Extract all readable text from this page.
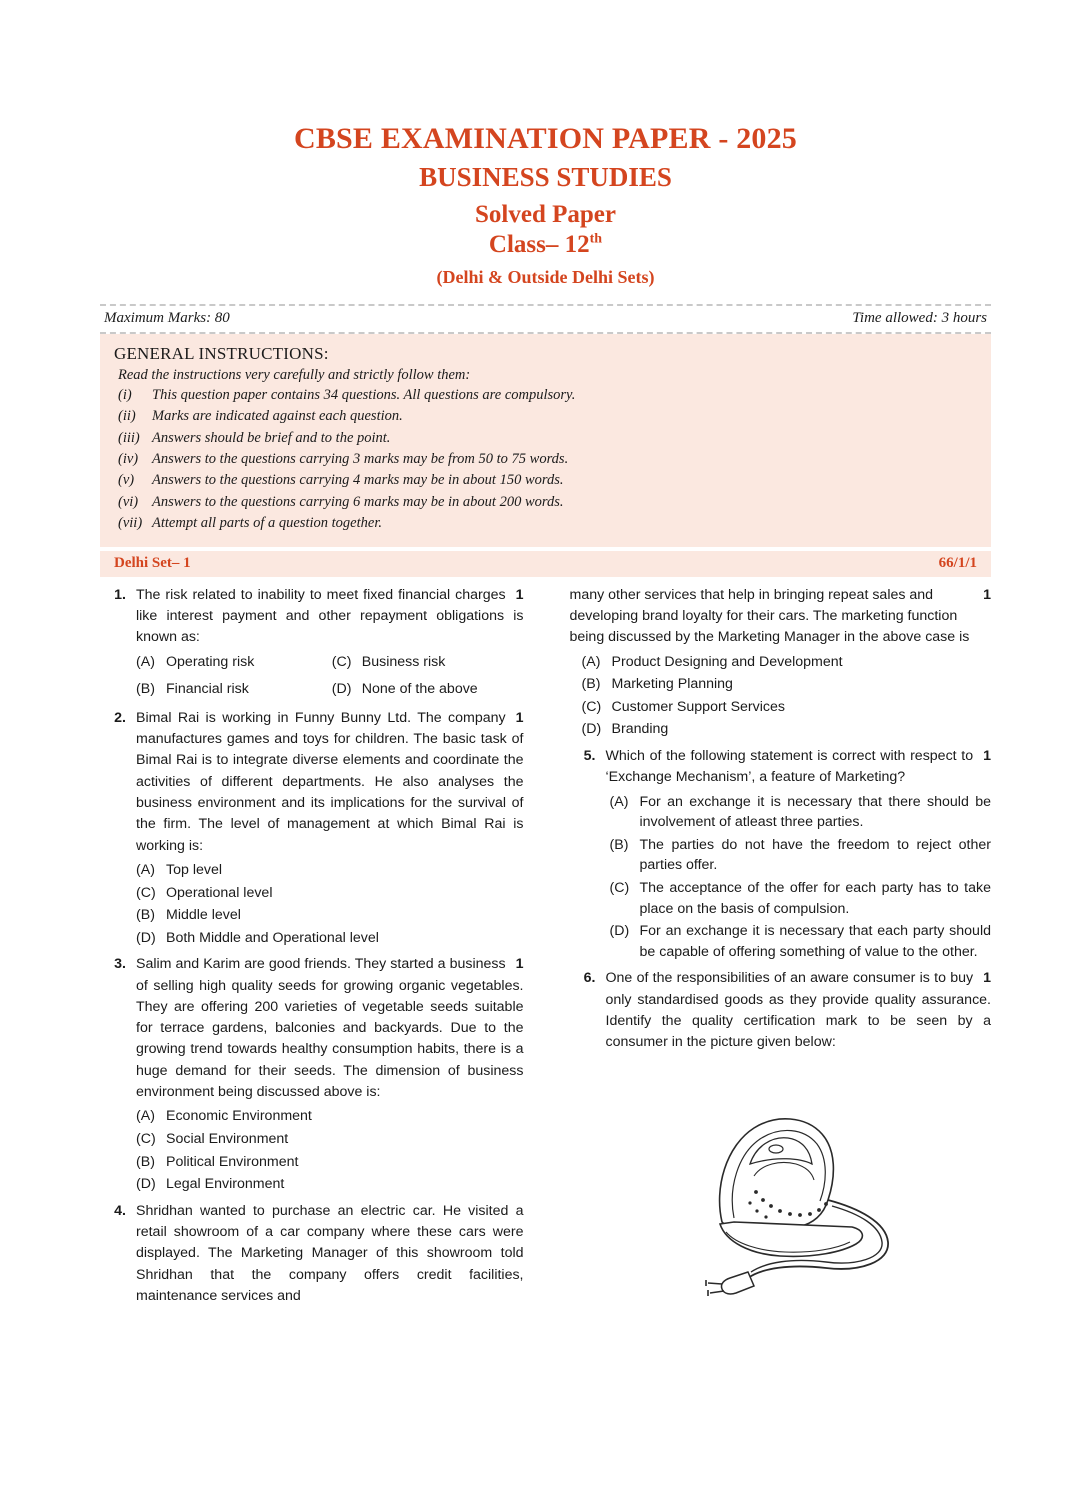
CBSE EXAMINATION PAPER - 2025
BUSINESS STUDIES
Solved Paper
Class– 12th
(Delhi & Outside Delhi Sets)
Maximum Marks: 80	Time allowed: 3 hours
GENERAL INSTRUCTIONS:

Read the instructions very carefully and strictly follow them:

(i)	This question paper contains 34 questions. All questions are compulsory.
(ii)	Marks are indicated against each question.
(iii) Answers should be brief and to the point.
(iv) Answers to the questions carrying 3 marks may be from 50 to 75 words.
(v)	Answers to the questions carrying 4 marks may be in about 150 words.
(vi) Answers to the questions carrying 6 marks may be in about 200 words.
(vii) Attempt all parts of a question together.
Delhi Set– 1	66/1/1
1.	1
The risk related to inability to meet fixed financial charges like interest payment and other repayment obligations is known as:
(A) Operating risk	(C) Business risk
(B) Financial risk	(D) None of the above
2.	1
Bimal Rai is working in Funny Bunny Ltd. The company manufactures games and toys for children. The basic task of Bimal Rai is to integrate diverse elements and coordinate the activities of different departments. He also analyses the business environment and its implications for the survival of the firm. The level of management at which Bimal Rai is working is:
(A) Top level
(C) Operational level
(B) Middle level
(D) Both Middle and Operational level
3.	1
Salim and Karim are good friends. They started a business of selling high quality seeds for growing organic vegetables. They are offering 200 varieties of vegetable seeds suitable for terrace gardens, balconies and backyards. Due to the growing trend towards healthy consumption habits, there is a huge demand for their seeds. The dimension of business environment being discussed above is:
(A) Economic Environment
(C) Social Environment
(B) Political Environment
(D) Legal Environment
4. Shridhan wanted to purchase an electric car. He visited a retail showroom of a car company where these cars were displayed. The Marketing Manager of this showroom told Shridhan that the company offers credit facilities, maintenance services and
1
many other services that help in bringing repeat sales and developing brand loyalty for their cars. The marketing function being discussed by the Marketing Manager in the above case is
(A) Product Designing and Development
(B) Marketing Planning
(C) Customer Support Services
(D) Branding
5.	1
Which of the following statement is correct with respect to ‘Exchange Mechanism’, a feature of Marketing?
(A) For an exchange it is necessary that there should be involvement of atleast three parties.
(B) The parties do not have the freedom to reject other parties offer.
(C) The acceptance of the offer for each party has to take place on the basis of compulsion.
(D) For an exchange it is necessary that each party should be capable of offering something of value to the other.
6.	1
One of the responsibilities of an aware consumer is to buy only standardised goods as they provide quality assurance. Identify the quality certification mark to be seen by a consumer in the picture given below:
